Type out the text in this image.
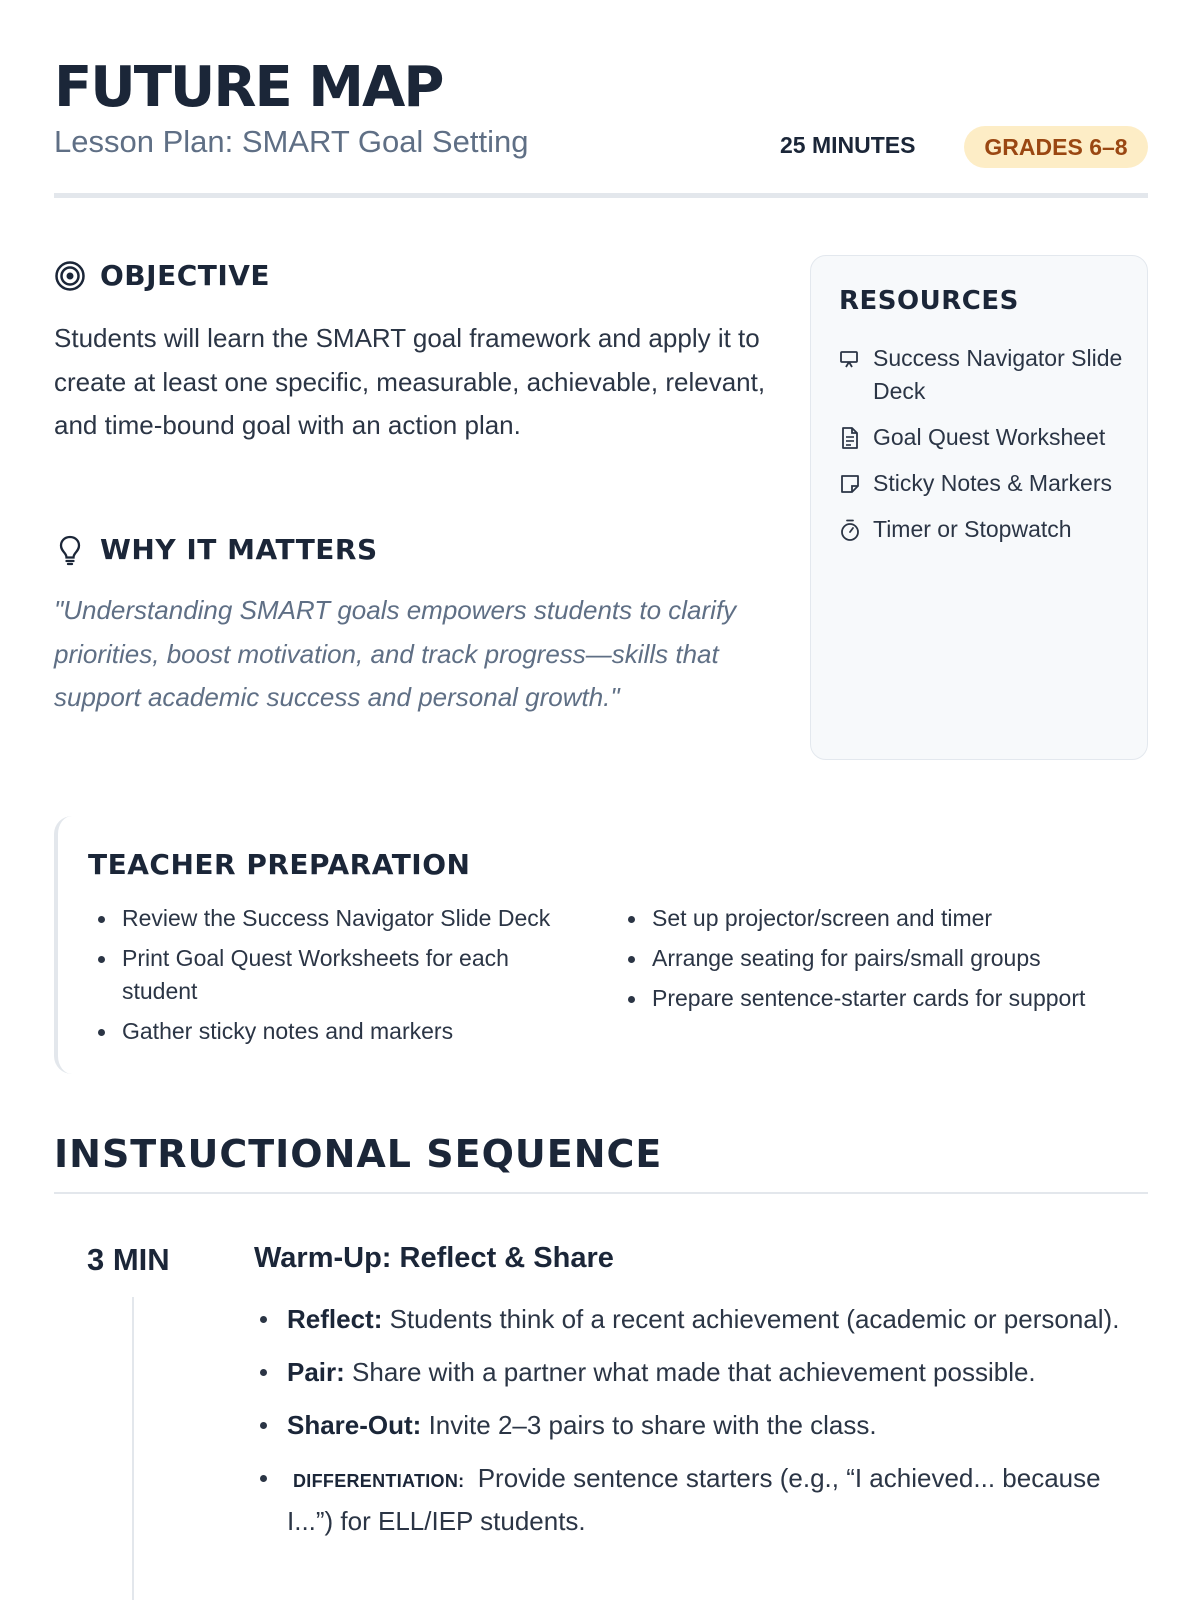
FUTURE MAP
Lesson Plan: SMART Goal Setting	25 MINUTES	GRADES 6–8
OBJECTIVE

Students will learn the SMART goal framework and apply it to create at least one specific, measurable, achievable, relevant, and time-bound goal with an action plan.

WHY IT MATTERS

"Understanding SMART goals empowers students to clarify priorities, boost motivation, and track progress—skills that support academic success and personal growth."

RESOURCES
Success Navigator Slide Deck
Goal Quest Worksheet
Sticky Notes & Markers
Timer or Stopwatch
TEACHER PREPARATION
Review the Success Navigator Slide Deck
Print Goal Quest Worksheets for each student
Gather sticky notes and markers
Set up projector/screen and timer
Arrange seating for pairs/small groups
Prepare sentence-starter cards for support
INSTRUCTIONAL SEQUENCE
3 MIN	Warm-Up: Reflect & Share
Reflect: Students think of a recent achievement (academic or personal).
Pair: Share with a partner what made that achievement possible.
Share-Out: Invite 2–3 pairs to share with the class.
DIFFERENTIATION: Provide sentence starters (e.g., “I achieved... because I...”) for ELL/IEP students.
